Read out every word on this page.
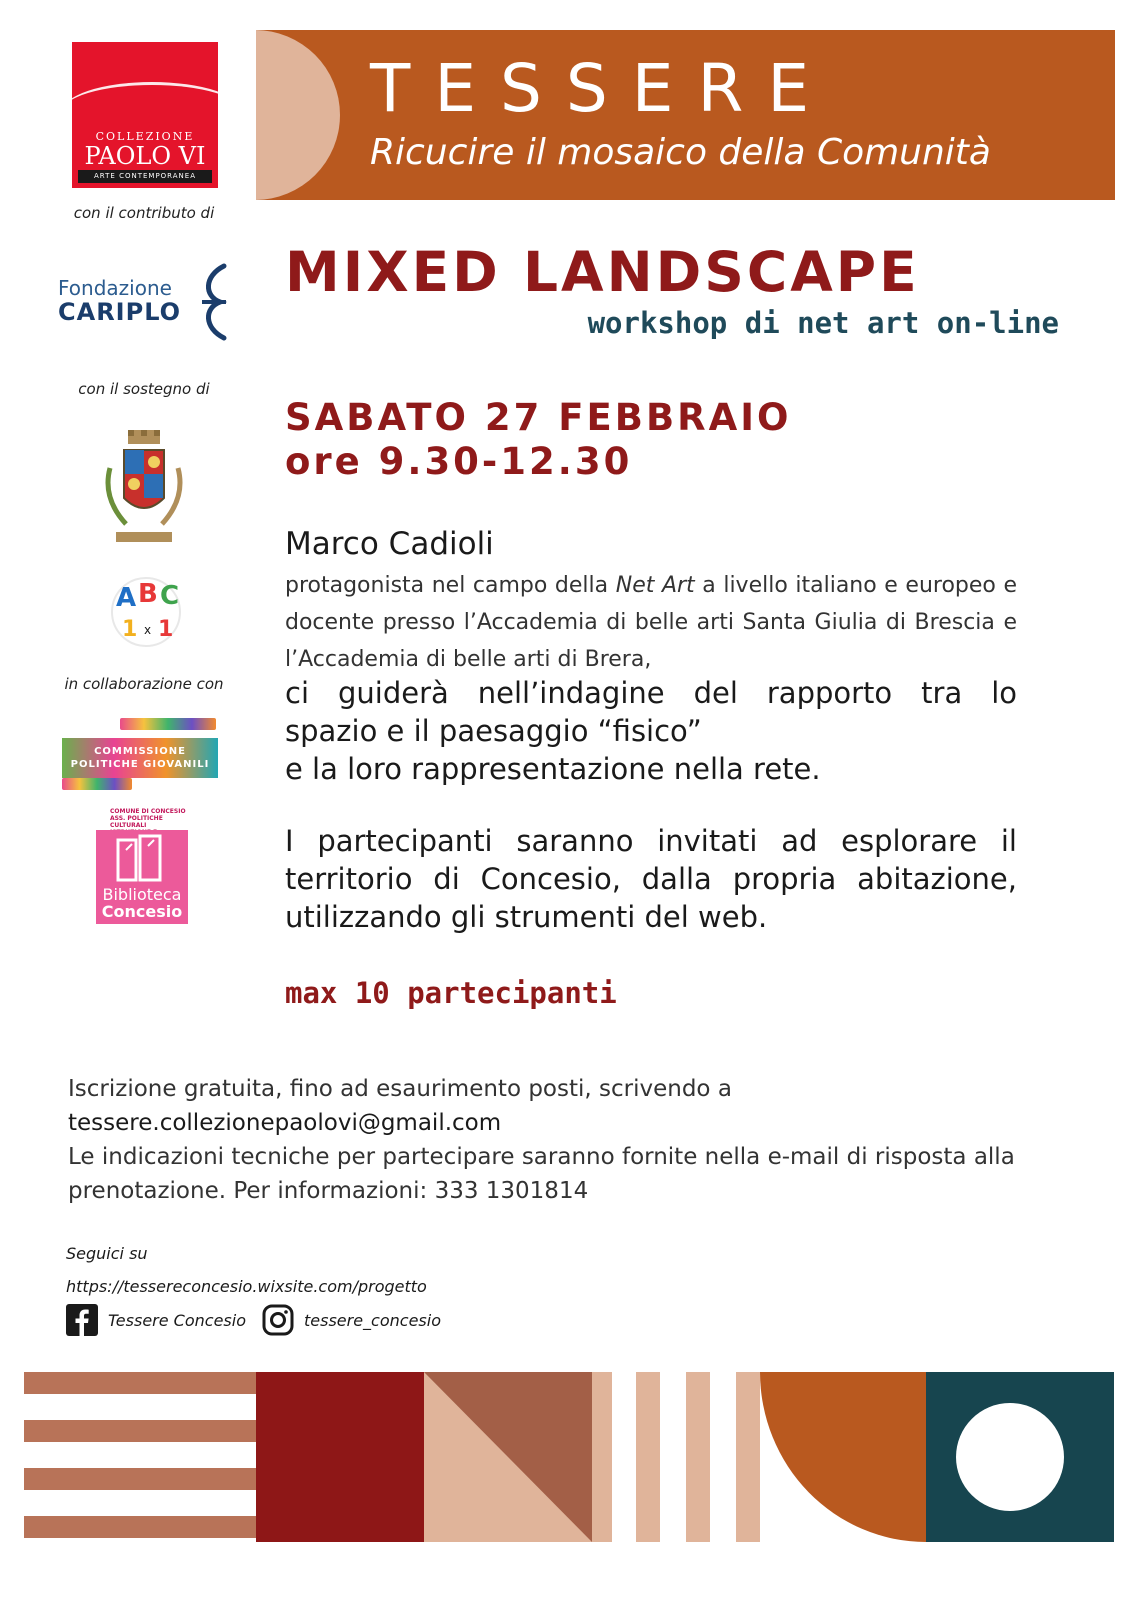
TESSERE
Ricucire il mosaico della Comunità
COLLEZIONE
PAOLO VI
ARTE CONTEMPORANEA
con il contributo di
Fondazione
CARIPLO
con il sostegno di
A B C
1 x 1
in collaborazione con
COMMISSIONE
POLITICHE GIOVANILI
COMUNE DI CONCESIO ASS. POLITICHE CULTURALI
Biblioteca
Concesio
MIXED LANDSCAPE
workshop di net art on-line
SABATO 27 FEBBRAIO
ore 9.30-12.30
Marco Cadioli
protagonista nel campo della Net Art a livello italiano e europeo e docente presso l’Accademia di belle arti Santa Giulia di Brescia e l’Accademia di belle arti di Brera,
ci guiderà nell’indagine del rapporto tra lo
spazio e il paesaggio “fisico”
e la loro rappresentazione nella rete.
I partecipanti saranno invitati ad esplorare il
territorio di Concesio, dalla propria abitazione,
utilizzando gli strumenti del web.
max 10 partecipanti
Iscrizione gratuita, fino ad esaurimento posti, scrivendo a
tessere.collezionepaolovi@gmail.com
Le indicazioni tecniche per partecipare saranno fornite nella e-mail di risposta alla prenotazione. Per informazioni: 333 1301814
Seguici su
https://tessereconcesio.wixsite.com/progetto
Tessere Concesio	tessere_concesio
